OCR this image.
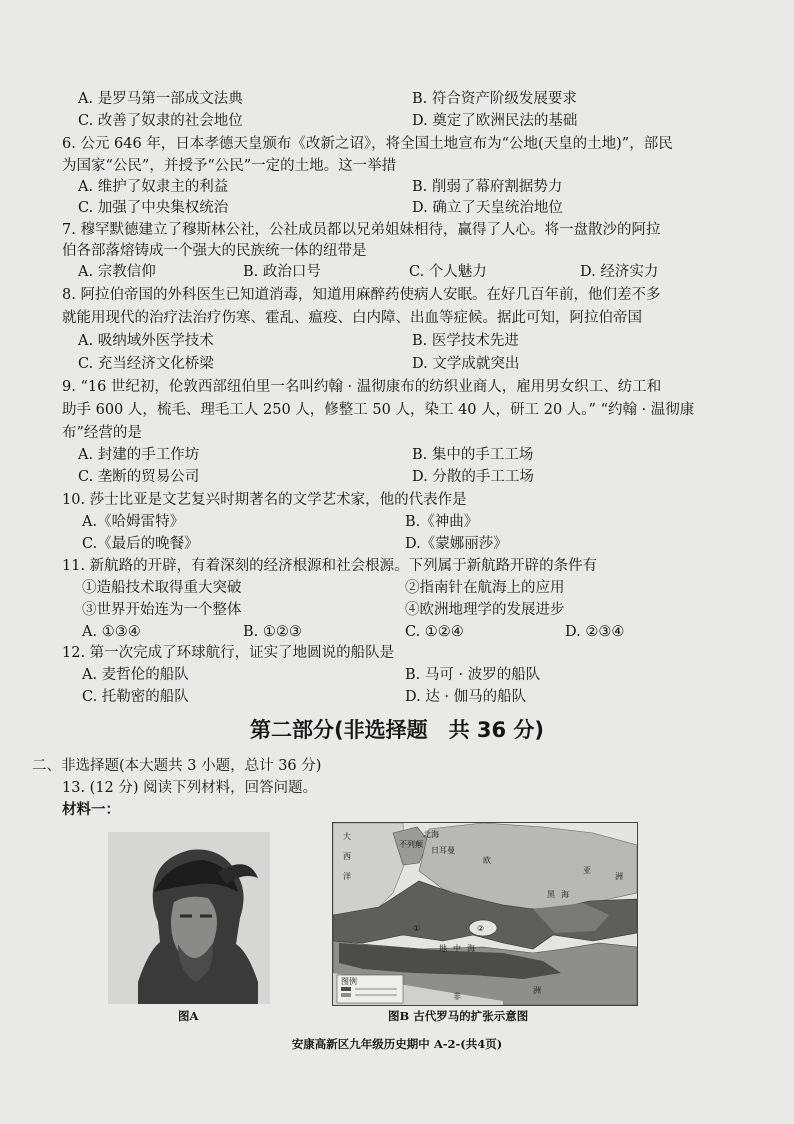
A. 是罗马第一部成文法典	B. 符合资产阶级发展要求
C. 改善了奴隶的社会地位	D. 奠定了欧洲民法的基础
6. 公元 646 年，日本孝德天皇颁布《改新之诏》，将全国土地宣布为“公地(天皇的土地)”，部民
为国家“公民”，并授予“公民”一定的土地。这一举措
A. 维护了奴隶主的利益	B. 削弱了幕府割据势力
C. 加强了中央集权统治	D. 确立了天皇统治地位
7. 穆罕默德建立了穆斯林公社，公社成员都以兄弟姐妹相待，赢得了人心。将一盘散沙的阿拉
伯各部落熔铸成一个强大的民族统一体的纽带是
A. 宗教信仰	B. 政治口号	C. 个人魅力	D. 经济实力
8. 阿拉伯帝国的外科医生已知道消毒，知道用麻醉药使病人安眠。在好几百年前，他们差不多
就能用现代的治疗法治疗伤寒、霍乱、瘟疫、白内障、出血等症候。据此可知，阿拉伯帝国
A. 吸纳域外医学技术	B. 医学技术先进
C. 充当经济文化桥梁	D. 文学成就突出
9. “16 世纪初，伦敦西部纽伯里一名叫约翰 · 温彻康布的纺织业商人，雇用男女织工、纺工和
助手 600 人，梳毛、理毛工人 250 人，修整工 50 人，染工 40 人，研工 20 人。” “约翰 · 温彻康
布”经营的是
A. 封建的手工作坊	B. 集中的手工工场
C. 垄断的贸易公司	D. 分散的手工工场
10. 莎士比亚是文艺复兴时期著名的文学艺术家，他的代表作是
A.《哈姆雷特》	B.《神曲》
C.《最后的晚餐》	D.《蒙娜丽莎》
11. 新航路的开辟，有着深刻的经济根源和社会根源。下列属于新航路开辟的条件有
①造船技术取得重大突破	②指南针在航海上的应用
③世界开始连为一个整体	④欧洲地理学的发展进步
A. ①③④	B. ①②③	C. ①②④	D. ②③④
12. 第一次完成了环球航行，证实了地圆说的船队是
A. 麦哲伦的船队	B. 马可 · 波罗的船队
C. 托勒密的船队	D. 达 · 伽马的船队
第二部分(非选择题　共 36 分)
二、非选择题(本大题共 3 小题，总计 36 分)
13. (12 分) 阅读下列材料，回答问题。
材料一：
图A
大	北海
西
日耳曼
不列颠
洋
欧
亚
洲
黑 海
①	②
地 中 海
非
洲
图例
图B 古代罗马的扩张示意图
安康高新区九年级历史期中 A-2-(共4页)
